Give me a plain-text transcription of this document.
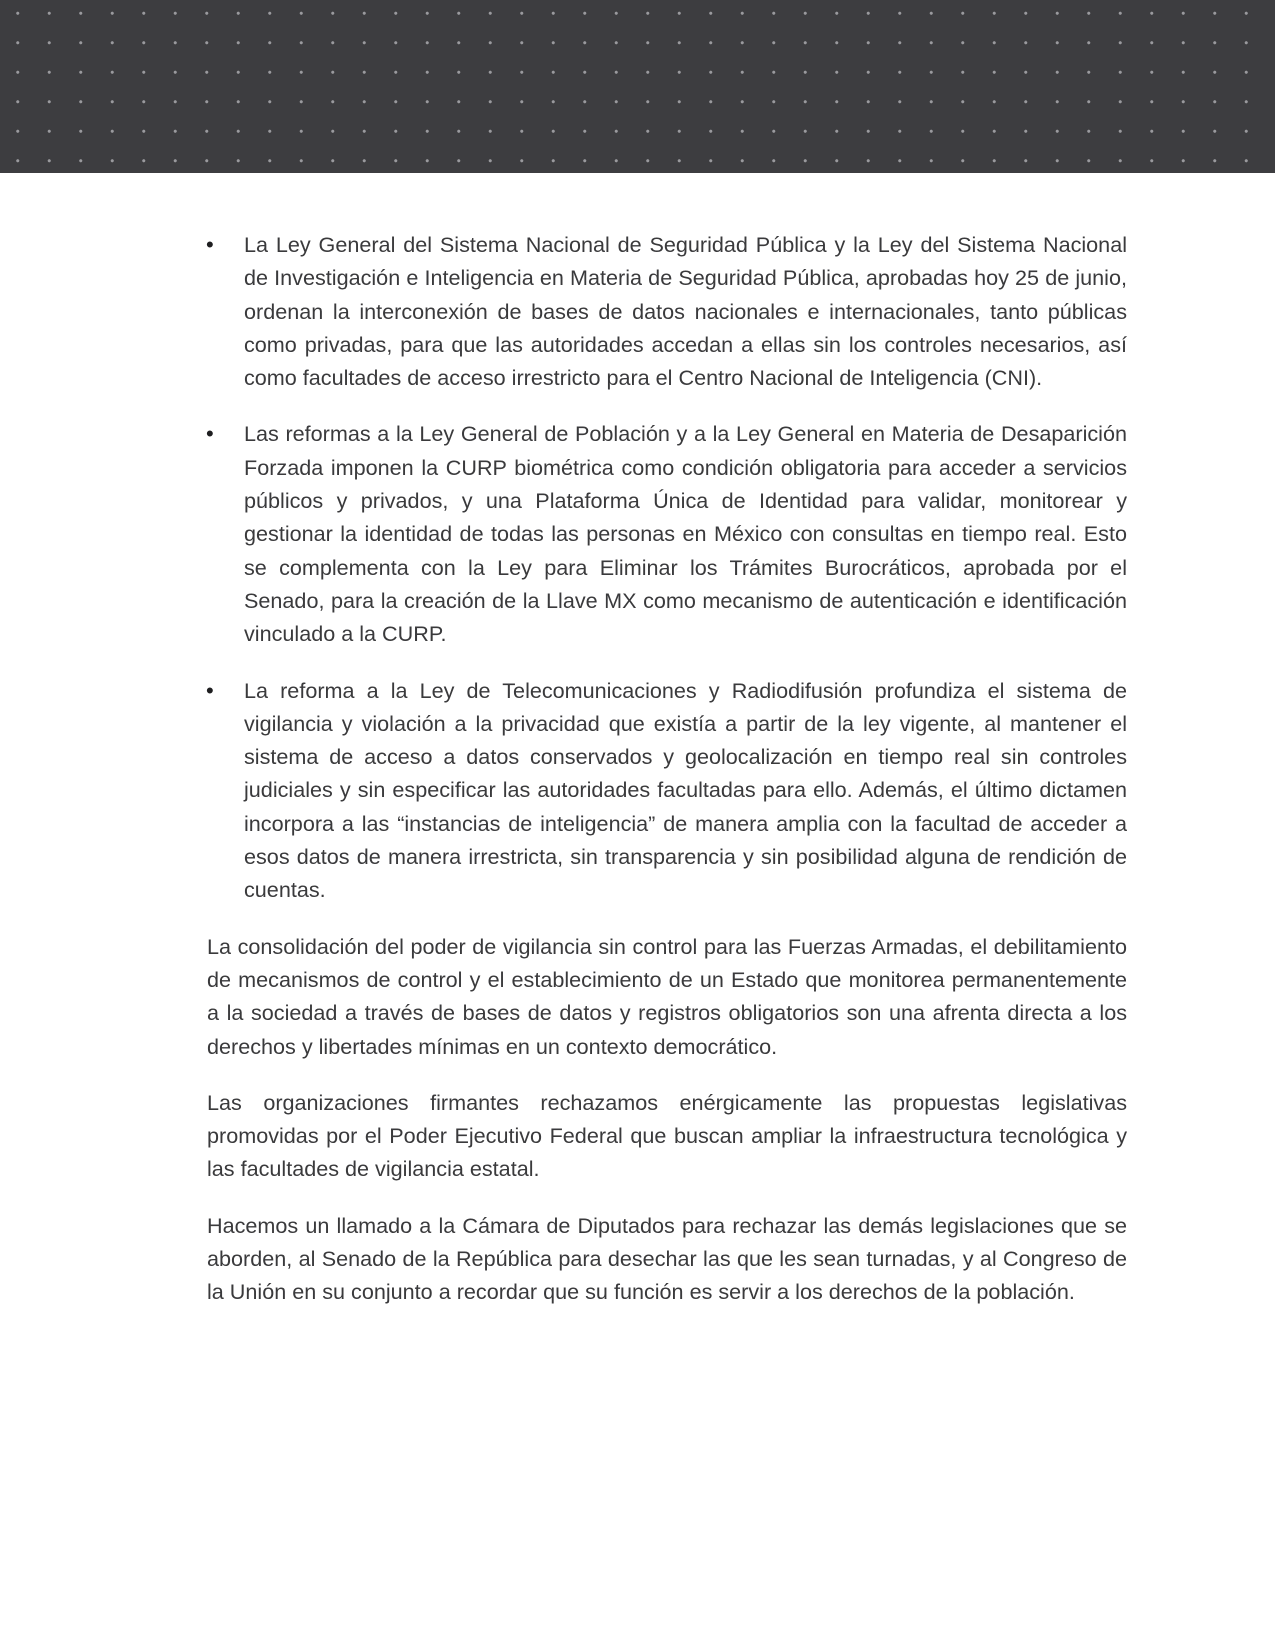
•	La Ley General del Sistema Nacional de Seguridad Pública y la Ley del Sistema Nacional de Investigación e Inteligencia en Materia de Seguridad Pública, aprobadas hoy 25 de junio, ordenan la interconexión de bases de datos nacionales e internacionales, tanto públicas como privadas, para que las autoridades accedan a ellas sin los controles necesarios, así como facultades de acceso irrestricto para el Centro Nacional de Inteligencia (CNI).
•	Las reformas a la Ley General de Población y a la Ley General en Materia de Desaparición Forzada imponen la CURP biométrica como condición obligatoria para acceder a servicios públicos y privados, y una Plataforma Única de Identidad para validar, monitorear y gestionar la identidad de todas las personas en México con consultas en tiempo real. Esto se complementa con la Ley para Eliminar los Trámites Burocráticos, aprobada por el Senado, para la creación de la Llave MX como mecanismo de autenticación e identificación vinculado a la CURP.
•	La reforma a la Ley de Telecomunicaciones y Radiodifusión profundiza el sistema de vigilancia y violación a la privacidad que existía a partir de la ley vigente, al mantener el sistema de acceso a datos conservados y geolocalización en tiempo real sin controles judiciales y sin especificar las autoridades facultadas para ello. Además, el último dictamen incorpora a las “instancias de inteligencia” de manera amplia con la facultad de acceder a esos datos de manera irrestricta, sin transparencia y sin posibilidad alguna de rendición de cuentas.

La consolidación del poder de vigilancia sin control para las Fuerzas Armadas, el debilitamiento de mecanismos de control y el establecimiento de un Estado que monitorea permanentemente a la sociedad a través de bases de datos y registros obligatorios son una afrenta directa a los derechos y libertades mínimas en un contexto democrático.

Las organizaciones firmantes rechazamos enérgicamente las propuestas legislativas promovidas por el Poder Ejecutivo Federal que buscan ampliar la infraestructura tecnológica y las facultades de vigilancia estatal.

Hacemos un llamado a la Cámara de Diputados para rechazar las demás legislaciones que se aborden, al Senado de la República para desechar las que les sean turnadas, y al Congreso de la Unión en su conjunto a recordar que su función es servir a los derechos de la población.
